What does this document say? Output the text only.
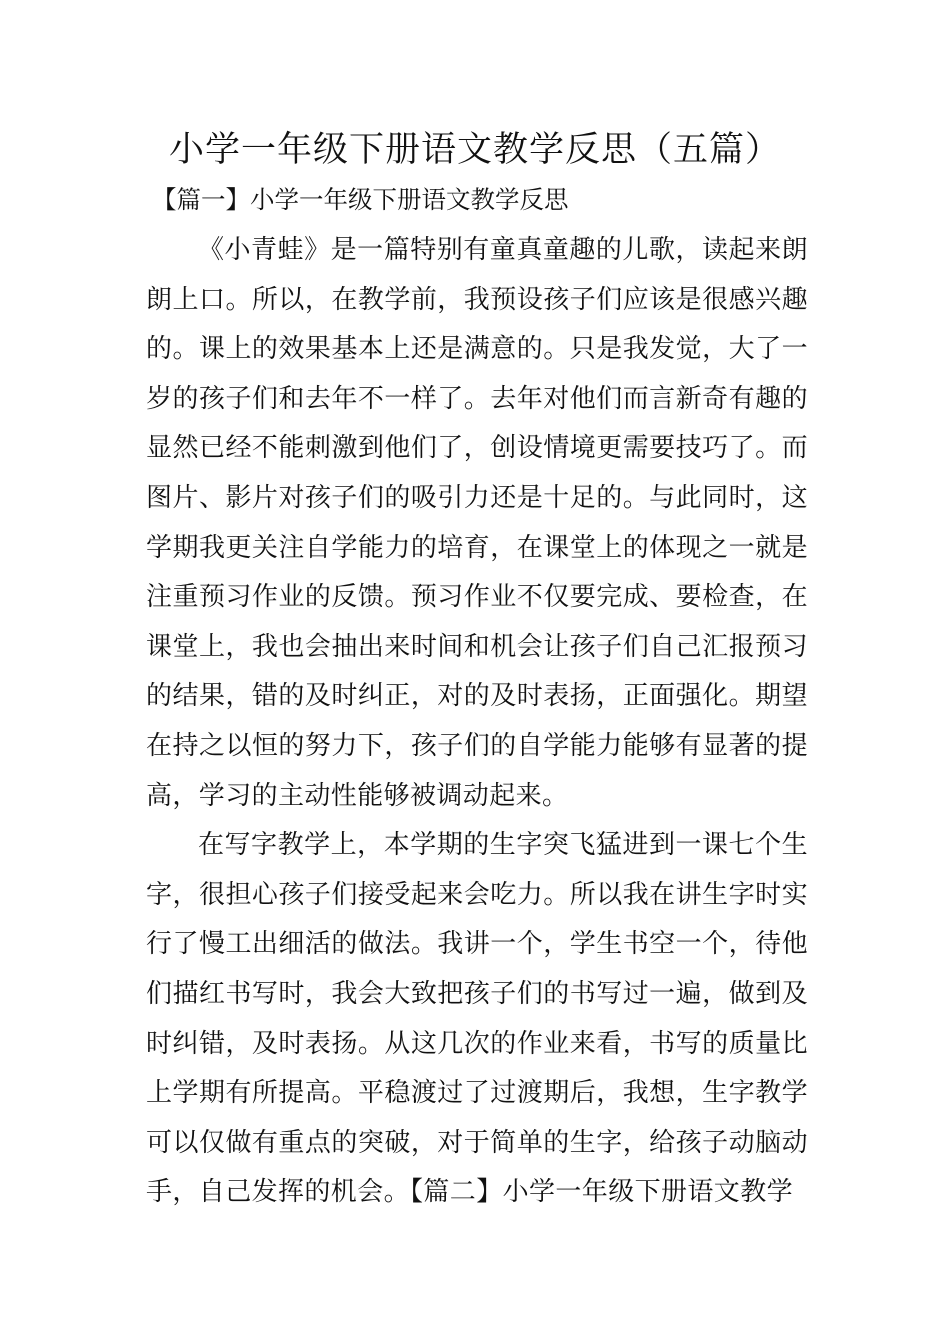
小学一年级下册语文教学反思（五篇）

【篇一】小学一年级下册语文教学反思

《小青蛙》是一篇特别有童真童趣的儿歌，读起来朗朗上口。所以，在教学前，我预设孩子们应该是很感兴趣的。课上的效果基本上还是满意的。只是我发觉，大了一岁的孩子们和去年不一样了。去年对他们而言新奇有趣的显然已经不能刺激到他们了，创设情境更需要技巧了。而图片、影片对孩子们的吸引力还是十足的。与此同时，这学期我更关注自学能力的培育，在课堂上的体现之一就是注重预习作业的反馈。预习作业不仅要完成、要检查，在课堂上，我也会抽出来时间和机会让孩子们自己汇报预习的结果，错的及时纠正，对的及时表扬，正面强化。期望在持之以恒的努力下，孩子们的自学能力能够有显著的提高，学习的主动性能够被调动起来。

在写字教学上，本学期的生字突飞猛进到一课七个生字，很担心孩子们接受起来会吃力。所以我在讲生字时实行了慢工出细活的做法。我讲一个，学生书空一个，待他们描红书写时，我会大致把孩子们的书写过一遍，做到及时纠错，及时表扬。从这几次的作业来看，书写的质量比上学期有所提高。平稳渡过了过渡期后，我想，生字教学可以仅做有重点的突破，对于简单的生字，给孩子动脑动手，自己发挥的机会。【篇二】小学一年级下册语文教学
